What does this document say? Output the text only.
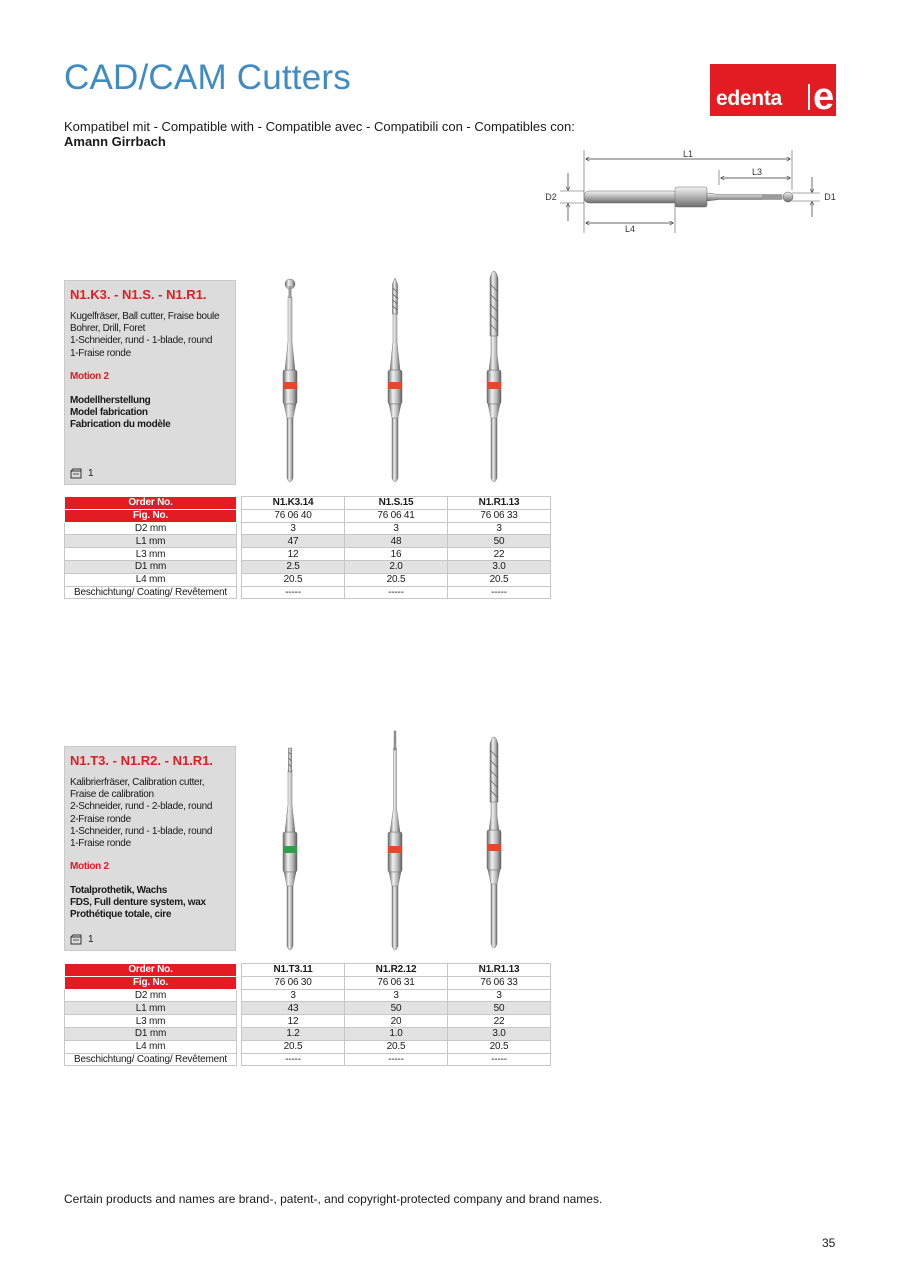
CAD/CAM Cutters
edenta e
Kompatibel mit - Compatible with - Compatible avec - Compatibili con - Compatibles con:
Amann Girrbach
L1
L3
L4
D2	D1
N1.K3. - N1.S. - N1.R1.
Kugelfräser, Ball cutter, Fraise boule
Bohrer, Drill, Foret
1-Schneider, rund - 1-blade, round
1-Fraise ronde
Motion 2
Modellherstellung
Model fabrication
Fabrication du modèle
1
Order No.		N1.K3.14	N1.S.15	N1.R1.13
Fig. No.		76 06 40	76 06 41	76 06 33
D2 mm		3	3	3
L1 mm		47	48	50
L3 mm		12	16	22
D1 mm		2.5	2.0	3.0
L4 mm		20.5	20.5	20.5
Beschichtung/ Coating/ Revêtement		-----	-----	-----
N1.T3. - N1.R2. - N1.R1.
Kalibrierfräser, Calibration cutter,
Fraise de calibration
2-Schneider, rund - 2-blade, round
2-Fraise ronde
1-Schneider, rund - 1-blade, round
1-Fraise ronde
Motion 2
Totalprothetik, Wachs
FDS, Full denture system, wax
Prothétique totale, cire
1
Order No.		N1.T3.11	N1.R2.12	N1.R1.13
Fig. No.		76 06 30	76 06 31	76 06 33
D2 mm		3	3	3
L1 mm		43	50	50
L3 mm		12	20	22
D1 mm		1.2	1.0	3.0
L4 mm		20.5	20.5	20.5
Beschichtung/ Coating/ Revêtement		-----	-----	-----
Certain products and names are brand-, patent-, and copyright-protected company and brand names.
35
